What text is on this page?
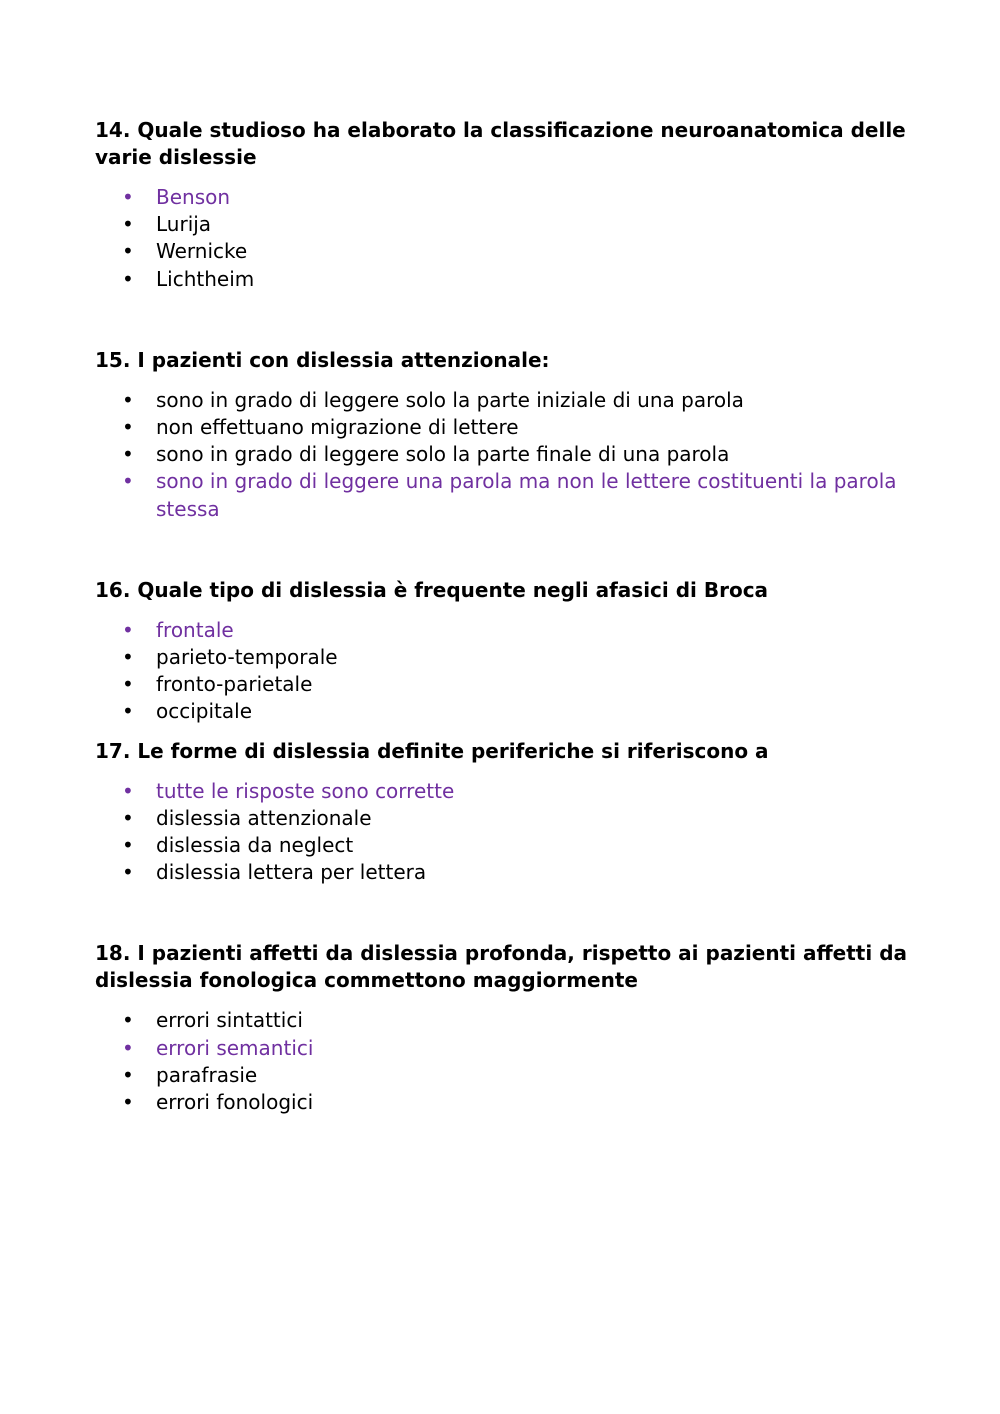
14. Quale studioso ha elaborato la classificazione neuroanatomica delle varie dislessie

• Benson
• Lurija
• Wernicke
• Lichtheim

15. I pazienti con dislessia attenzionale:

• sono in grado di leggere solo la parte iniziale di una parola
• non effettuano migrazione di lettere
• sono in grado di leggere solo la parte finale di una parola
• sono in grado di leggere una parola ma non le lettere costituenti la parola stessa

16. Quale tipo di dislessia è frequente negli afasici di Broca

• frontale
• parieto-temporale
• fronto-parietale
• occipitale

17. Le forme di dislessia definite periferiche si riferiscono a

• tutte le risposte sono corrette
• dislessia attenzionale
• dislessia da neglect
• dislessia lettera per lettera

18. I pazienti affetti da dislessia profonda, rispetto ai pazienti affetti da dislessia fonologica commettono maggiormente

• errori sintattici
• errori semantici
• parafrasie
• errori fonologici
